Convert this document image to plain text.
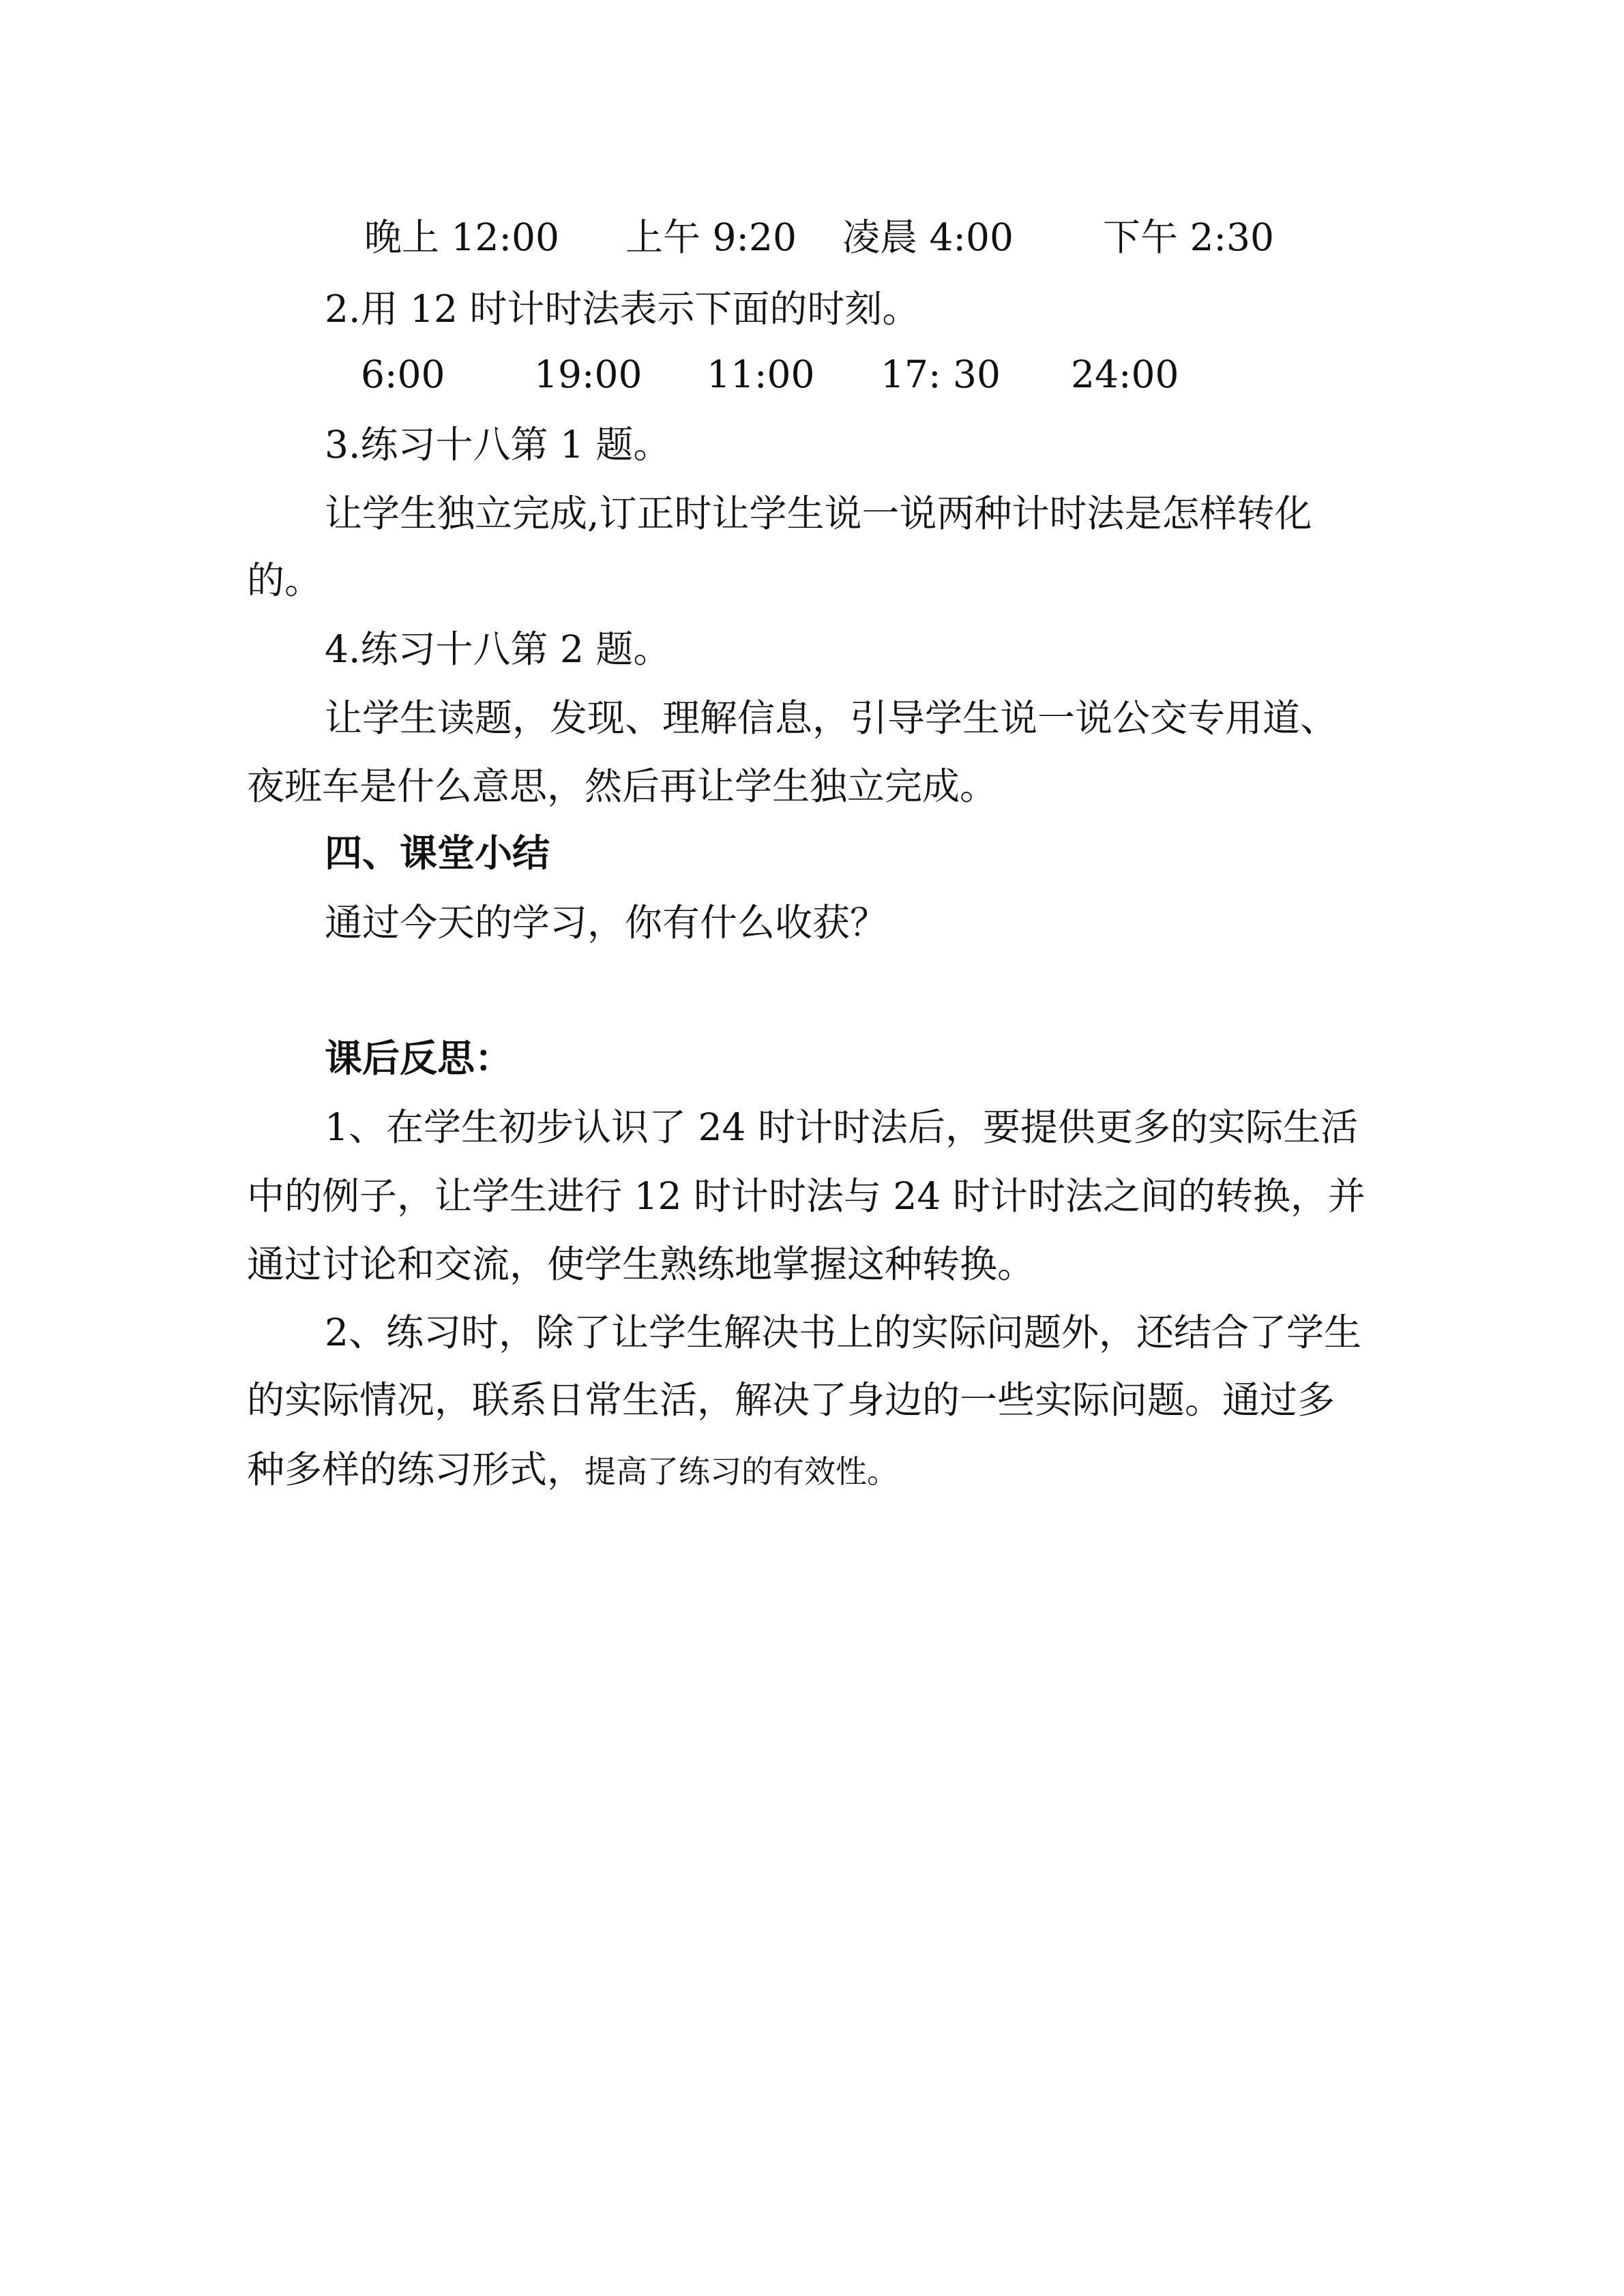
晚上 12:00 上午 9:20 凌晨 4:00 下午 2:30
2.用 12 时计时法表示下面的时刻。
6:00 19:00 11:00 17: 30 24:00
3.练习十八第 1 题。
让学生独立完成,订正时让学生说一说两种计时法是怎样转化
的。
4.练习十八第 2 题。
让学生读题，发现、理解信息，引导学生说一说公交专用道、
夜班车是什么意思，然后再让学生独立完成。
四、课堂小结
通过今天的学习，你有什么收获？
课后反思：
1、在学生初步认识了 24 时计时法后，要提供更多的实际生活
中的例子，让学生进行 12 时计时法与 24 时计时法之间的转换，并
通过讨论和交流，使学生熟练地掌握这种转换。
2、练习时，除了让学生解决书上的实际问题外，还结合了学生
的实际情况，联系日常生活，解决了身边的一些实际问题。通过多
种多样的练习形式，提高了练习的有效性。
